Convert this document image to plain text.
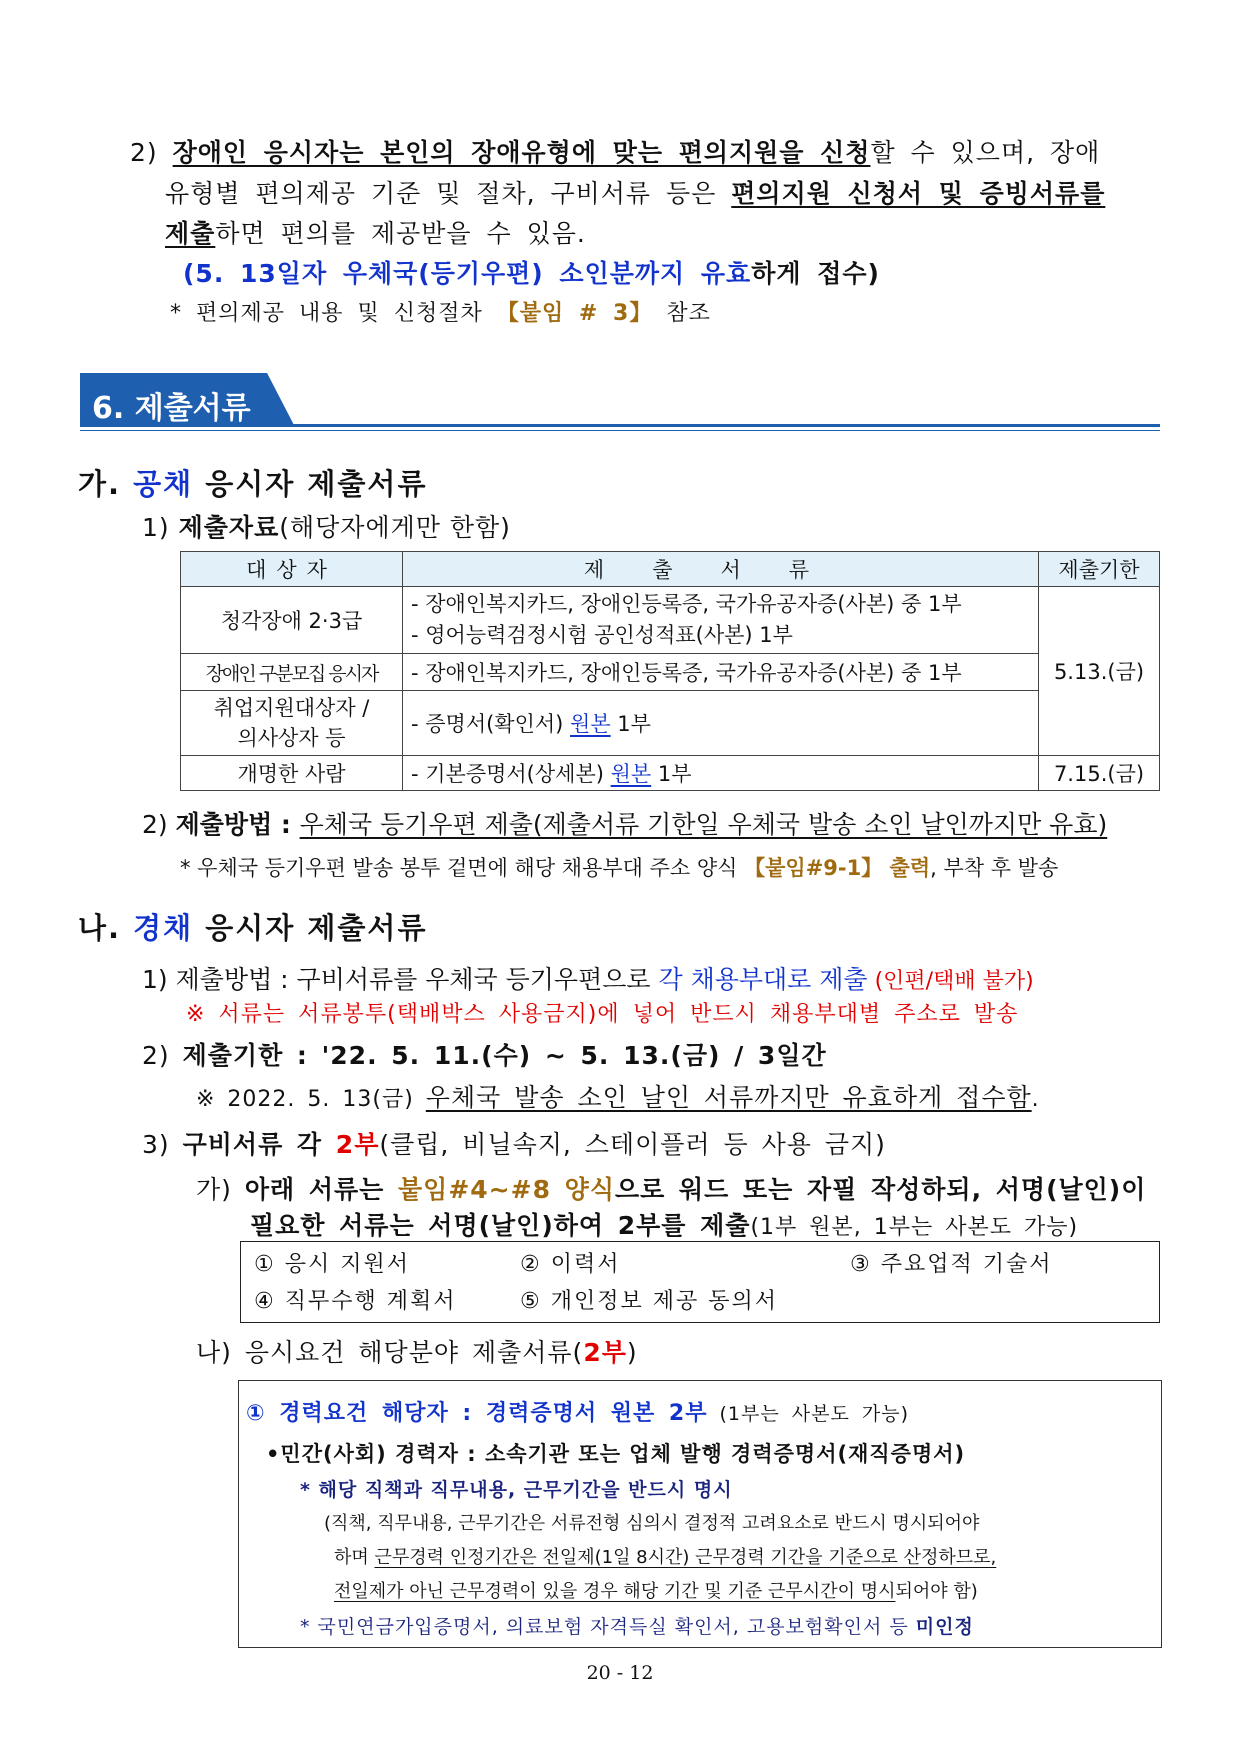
2) 장애인 응시자는 본인의 장애유형에 맞는 편의지원을 신청할 수 있으며, 장애
유형별 편의제공 기준 및 절차, 구비서류 등은 편의지원 신청서 및 증빙서류를
제출하면 편의를 제공받을 수 있음.
(5. 13일자 우체국(등기우편) 소인분까지 유효하게 접수)
* 편의제공 내용 및 신청절차 【붙임 # 3】 참조
6. 제출서류
가. 공채 응시자 제출서류
1) 제출자료(해당자에게만 한함)
대상자	제출서류	제출기한
청각장애 2·3급	- 장애인복지카드, 장애인등록증, 국가유공자증(사본) 중 1부
- 영어능력검정시험 공인성적표(사본) 1부	5.13.(금)
장애인 구분모집 응시자	- 장애인복지카드, 장애인등록증, 국가유공자증(사본) 중 1부	

취업지원대상자 /
의사상자 등	- 증명서(확인서) 원본 1부	
개명한 사람	- 기본증명서(상세본) 원본 1부	7.15.(금)
2) 제출방법 : 우체국 등기우편 제출(제출서류 기한일 우체국 발송 소인 날인까지만 유효)
* 우체국 등기우편 발송 봉투 겉면에 해당 채용부대 주소 양식 【붙임#9-1】 출력, 부착 후 발송
나. 경채 응시자 제출서류
1) 제출방법 : 구비서류를 우체국 등기우편으로 각 채용부대로 제출 (인편/택배 불가)
※ 서류는 서류봉투(택배박스 사용금지)에 넣어 반드시 채용부대별 주소로 발송
2) 제출기한 : '22. 5. 11.(수) ~ 5. 13.(금) / 3일간
※ 2022. 5. 13(금) 우체국 발송 소인 날인 서류까지만 유효하게 접수함.
3) 구비서류 각 2부(클립, 비닐속지, 스테이플러 등 사용 금지)
가) 아래 서류는 붙임#4~#8 양식으로 워드 또는 자필 작성하되, 서명(날인)이
필요한 서류는 서명(날인)하여 2부를 제출(1부 원본, 1부는 사본도 가능)
① 응시 지원서	② 이력서	③ 주요업적 기술서
④ 직무수행 계획서	⑤ 개인정보 제공 동의서
나) 응시요건 해당분야 제출서류(2부)
① 경력요건 해당자 : 경력증명서 원본 2부 (1부는 사본도 가능)
•민간(사회) 경력자 : 소속기관 또는 업체 발행 경력증명서(재직증명서)
* 해당 직책과 직무내용, 근무기간을 반드시 명시
(직책, 직무내용, 근무기간은 서류전형 심의시 결정적 고려요소로 반드시 명시되어야
하며 근무경력 인정기간은 전일제(1일 8시간) 근무경력 기간을 기준으로 산정하므로,
전일제가 아닌 근무경력이 있을 경우 해당 기간 및 기준 근무시간이 명시되어야 함)
* 국민연금가입증명서, 의료보험 자격득실 확인서, 고용보험확인서 등 미인정
20 - 12
